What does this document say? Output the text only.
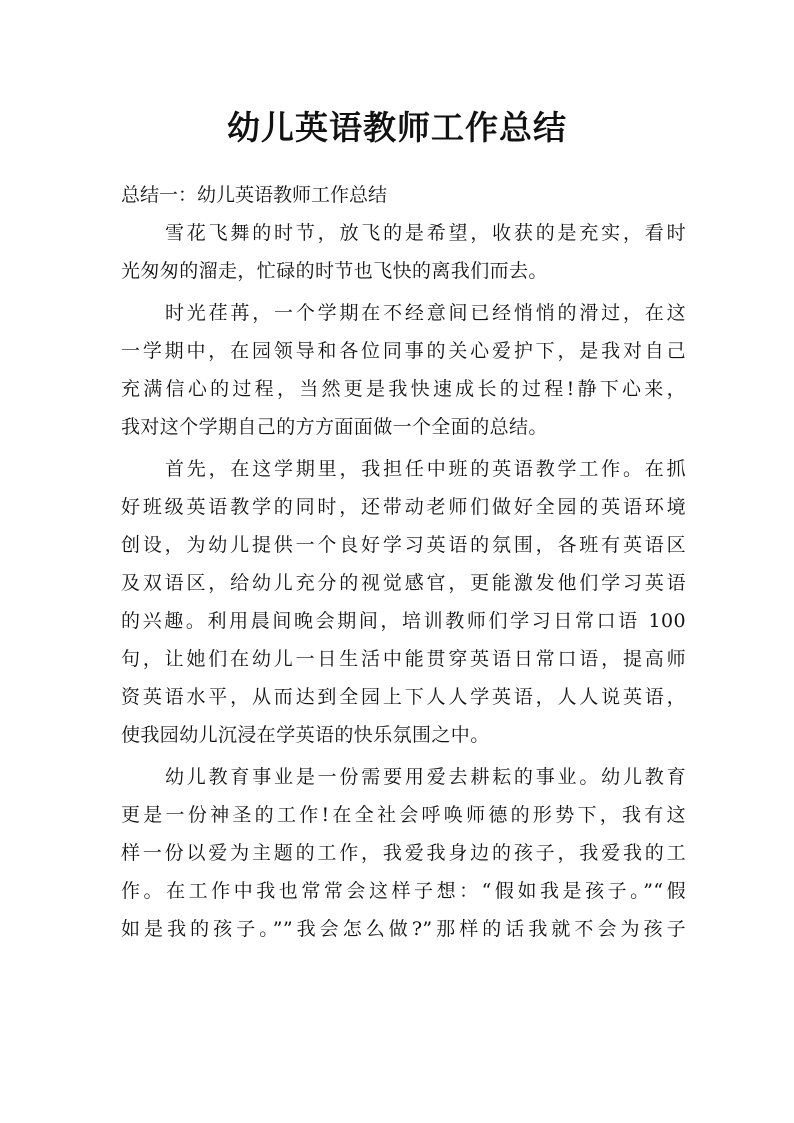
幼儿英语教师工作总结

总结一：幼儿英语教师工作总结

雪花飞舞的时节，放飞的是希望，收获的是充实，看时
光匆匆的溜走，忙碌的时节也飞快的离我们而去。
时光荏苒，一个学期在不经意间已经悄悄的滑过，在这
一学期中，在园领导和各位同事的关心爱护下，是我对自己
充满信心的过程，当然更是我快速成长的过程!静下心来，
我对这个学期自己的方方面面做一个全面的总结。
首先，在这学期里，我担任中班的英语教学工作。在抓
好班级英语教学的同时，还带动老师们做好全园的英语环境
创设，为幼儿提供一个良好学习英语的氛围，各班有英语区
及双语区，给幼儿充分的视觉感官，更能激发他们学习英语
的兴趣。利用晨间晚会期间，培训教师们学习日常口语 100
句，让她们在幼儿一日生活中能贯穿英语日常口语，提高师
资英语水平，从而达到全园上下人人学英语，人人说英语，
使我园幼儿沉浸在学英语的快乐氛围之中。
幼儿教育事业是一份需要用爱去耕耘的事业。幼儿教育
更是一份神圣的工作!在全社会呼唤师德的形势下，我有这
样一份以爱为主题的工作，我爱我身边的孩子，我爱我的工
作。在工作中我也常常会这样子想：“假如我是孩子。”“假
如是我的孩子。””我会怎么做?”那样的话我就不会为孩子
